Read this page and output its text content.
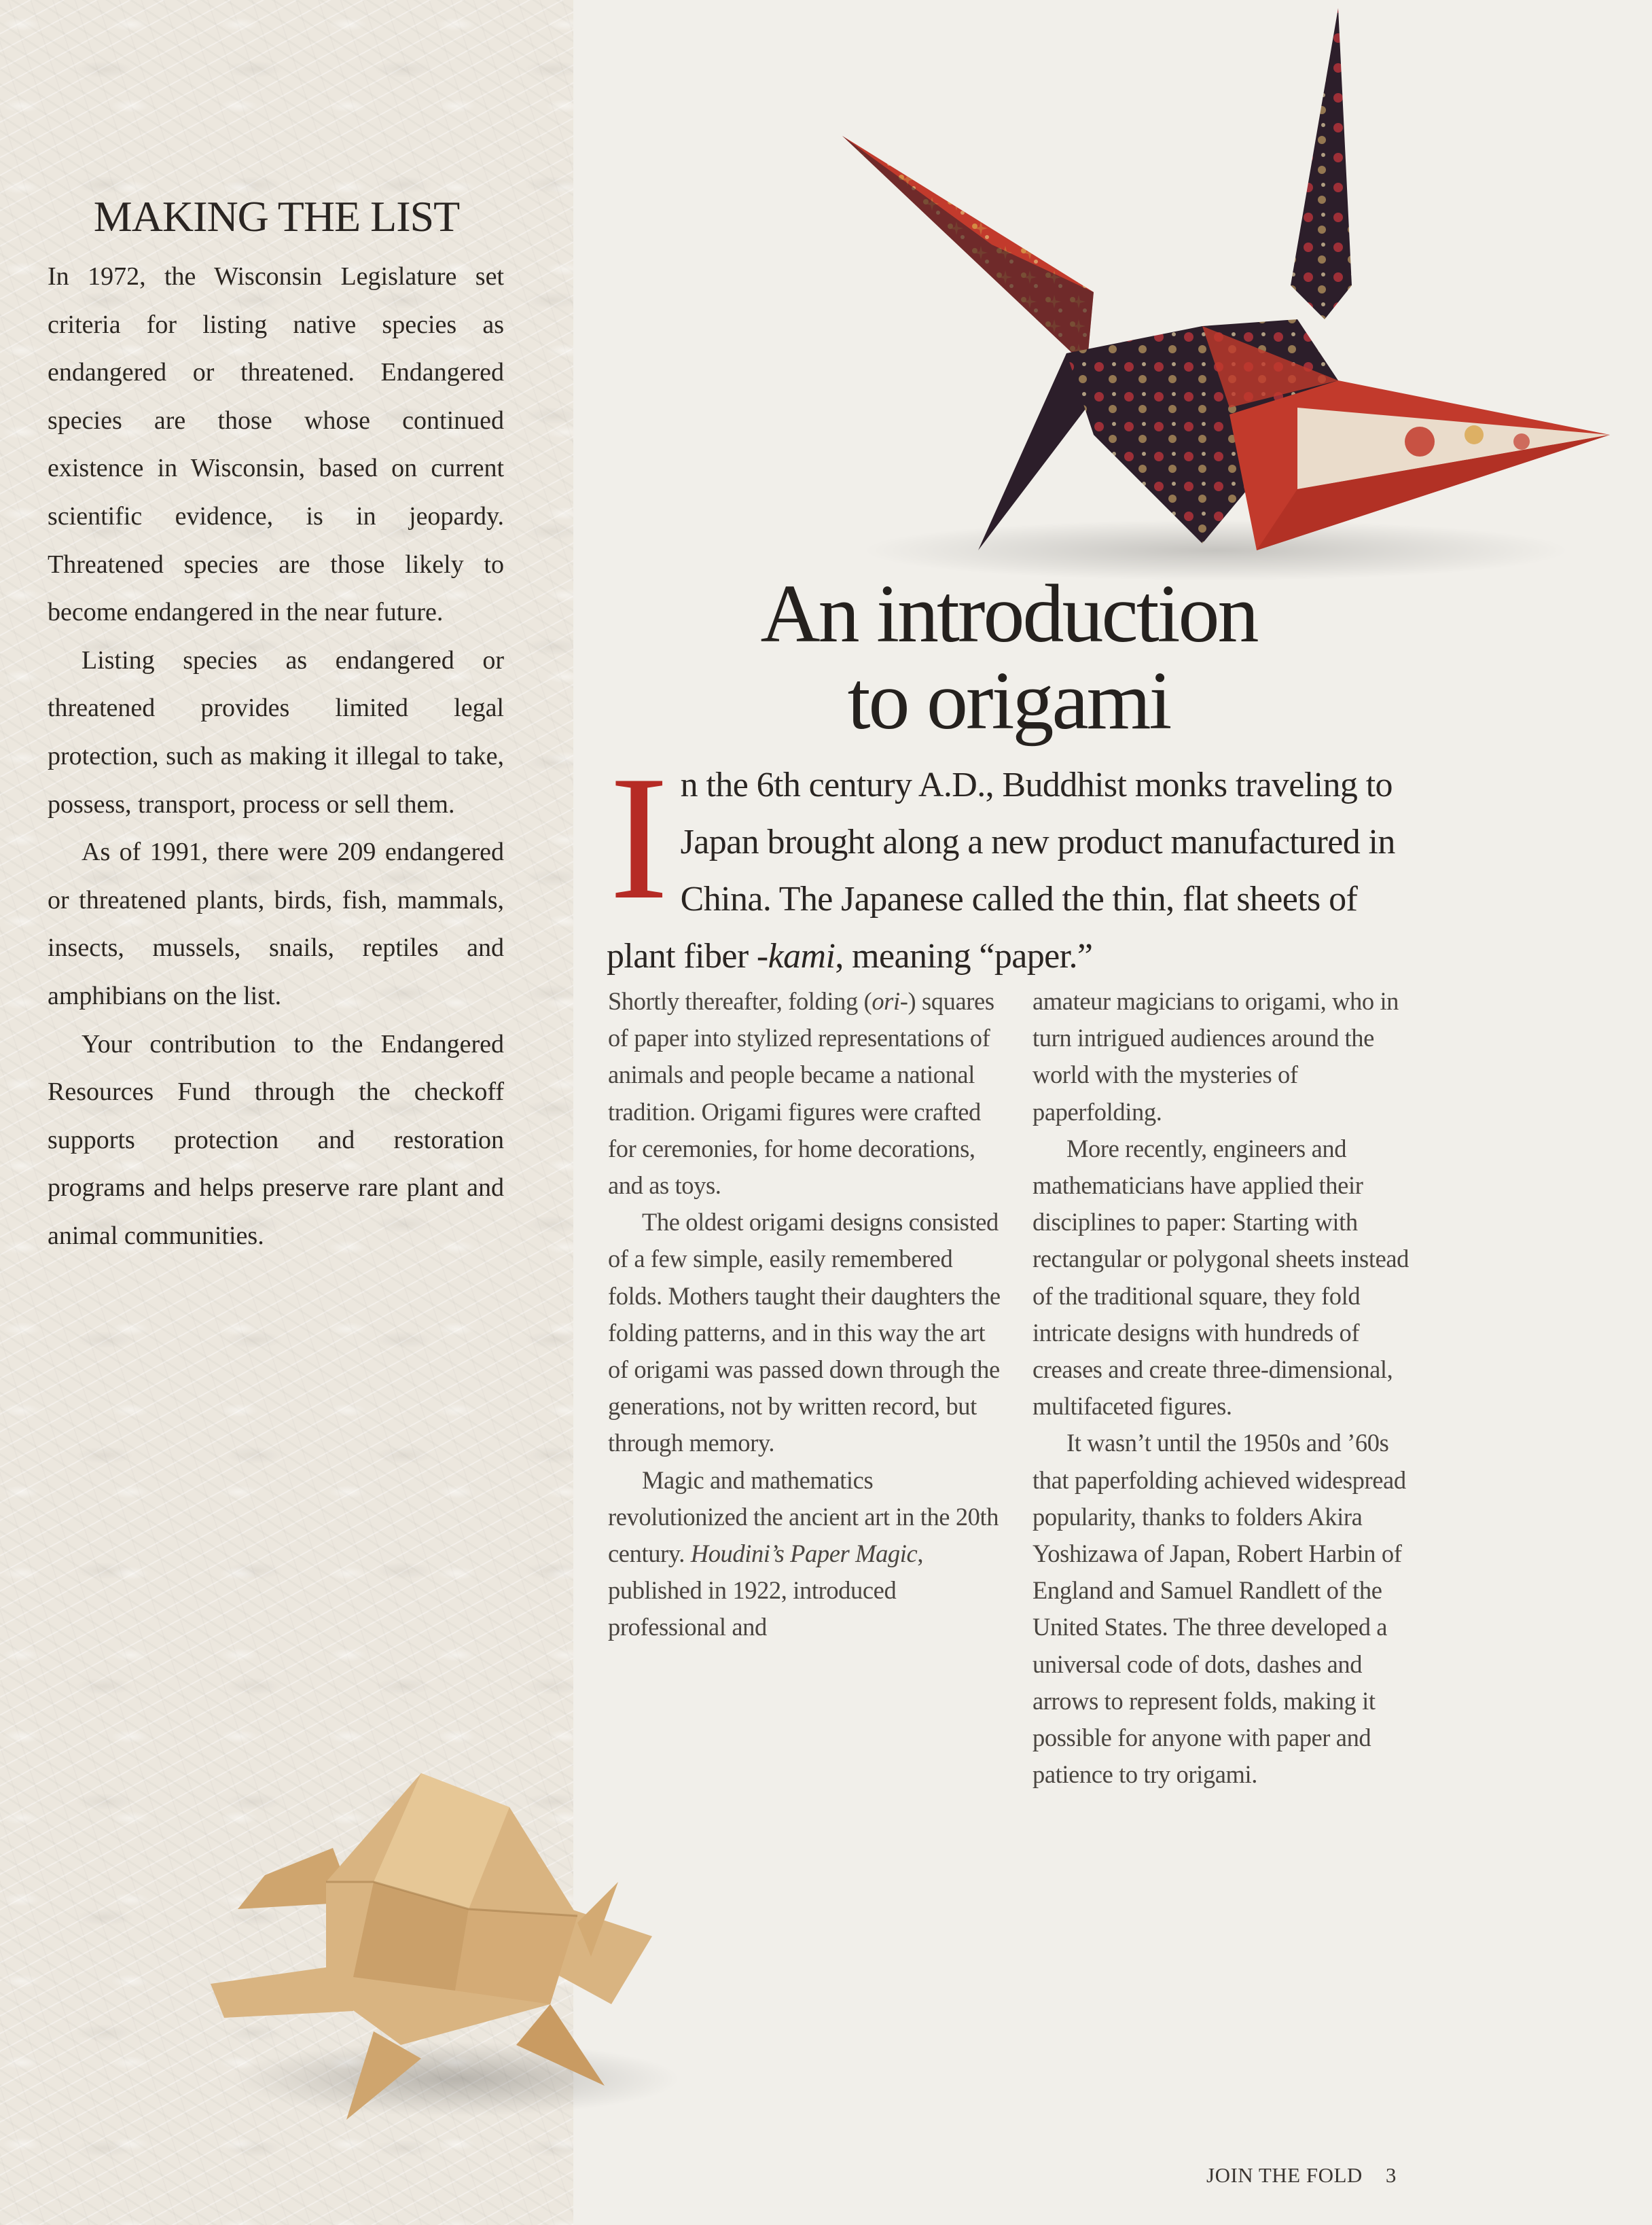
MAKING THE LIST

In 1972, the Wisconsin Legislature set criteria for listing native species as endangered or threatened. Endangered species are those whose continued existence in Wisconsin, based on current scientific evidence, is in jeopardy. Threatened species are those likely to become endangered in the near future.

Listing species as endangered or threatened provides limited legal protection, such as making it illegal to take, possess, transport, process or sell them.

As of 1991, there were 209 endangered or threatened plants, birds, fish, mammals, insects, mussels, snails, reptiles and amphibians on the list.

Your contribution to the Endangered Resources Fund through the checkoff supports protection and restoration programs and helps preserve rare plant and animal communities.

An introduction
to origami

In the 6th century A.D., Buddhist monks traveling to Japan brought along a new product manufactured in China. The Japanese called the thin, flat sheets of plant fiber -kami, meaning “paper.”

Shortly thereafter, folding (ori-) squares of paper into stylized representations of animals and people became a national tradition. Origami figures were crafted for ceremonies, for home decorations, and as toys.

The oldest origami designs consisted of a few simple, easily remembered folds. Mothers taught their daughters the folding patterns, and in this way the art of origami was passed down through the generations, not by written record, but through memory.

Magic and mathematics revolutionized the ancient art in the 20th century. Houdini’s Paper Magic, published in 1922, introduced professional and

amateur magicians to origami, who in turn intrigued audiences around the world with the mysteries of paperfolding.

More recently, engineers and mathematicians have applied their disciplines to paper: Starting with rectangular or polygonal sheets instead of the traditional square, they fold intricate designs with hundreds of creases and create three-dimensional, multifaceted figures.

It wasn’t until the 1950s and ’60s that paperfolding achieved widespread popularity, thanks to folders Akira Yoshizawa of Japan, Robert Harbin of England and Samuel Randlett of the United States. The three developed a universal code of dots, dashes and arrows to represent folds, making it possible for anyone with paper and patience to try origami.

JOIN THE FOLD 3
